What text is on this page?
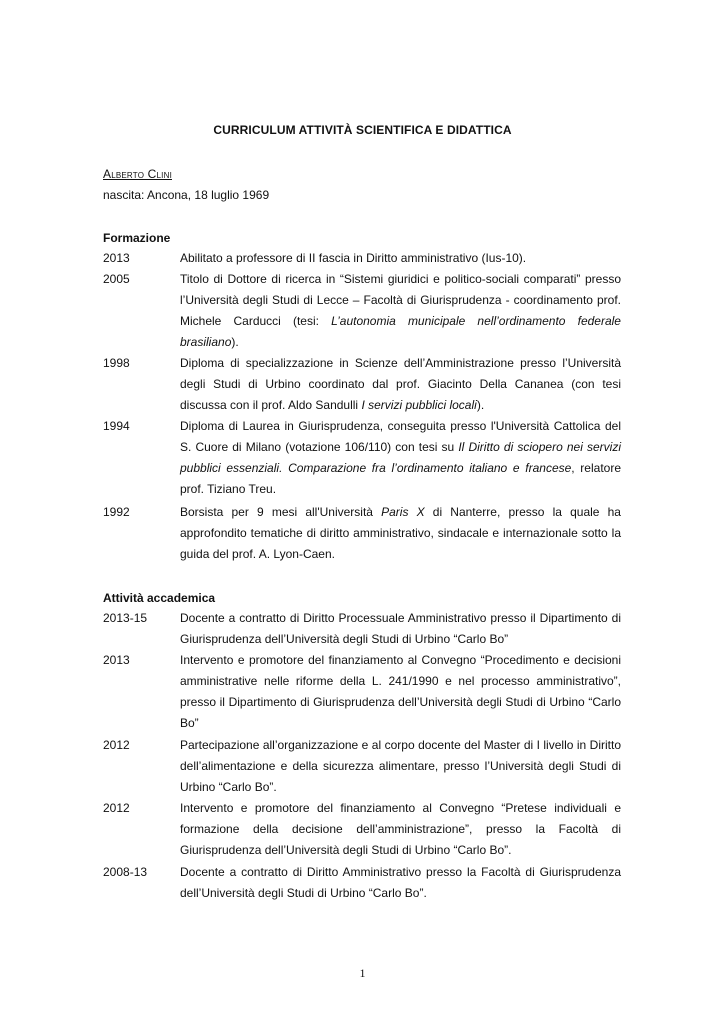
CURRICULUM ATTIVITÀ SCIENTIFICA E DIDATTICA
Alberto Clini
nascita: Ancona, 18 luglio 1969
Formazione
2013	Abilitato a professore di II fascia in Diritto amministrativo (Ius-10).
2005	Titolo di Dottore di ricerca in “Sistemi giuridici e politico-sociali comparati” presso l’Università degli Studi di Lecce – Facoltà di Giurisprudenza - coordinamento prof. Michele Carducci (tesi: L’autonomia municipale nell’ordinamento federale brasiliano).
1998	Diploma di specializzazione in Scienze dell’Amministrazione presso l’Università degli Studi di Urbino coordinato dal prof. Giacinto Della Cananea (con tesi discussa con il prof. Aldo Sandulli I servizi pubblici locali).
1994	Diploma di Laurea in Giurisprudenza, conseguita presso l'Università Cattolica del S. Cuore di Milano (votazione 106/110) con tesi su Il Diritto di sciopero nei servizi pubblici essenziali. Comparazione fra l’ordinamento italiano e francese, relatore prof. Tiziano Treu.
1992	Borsista per 9 mesi all'Università Paris X di Nanterre, presso la quale ha approfondito tematiche di diritto amministrativo, sindacale e internazionale sotto la guida del prof. A. Lyon-Caen.
Attività accademica
2013-15	Docente a contratto di Diritto Processuale Amministrativo presso il Dipartimento di Giurisprudenza dell’Università degli Studi di Urbino “Carlo Bo”
2013	Intervento e promotore del finanziamento al Convegno “Procedimento e decisioni amministrative nelle riforme della L. 241/1990 e nel processo amministrativo”, presso il Dipartimento di Giurisprudenza dell’Università degli Studi di Urbino “Carlo Bo”
2012	Partecipazione all’organizzazione e al corpo docente del Master di I livello in Diritto dell’alimentazione e della sicurezza alimentare, presso l’Università degli Studi di Urbino “Carlo Bo”.
2012	Intervento e promotore del finanziamento al Convegno “Pretese individuali e formazione della decisione dell’amministrazione”, presso la Facoltà di Giurisprudenza dell’Università degli Studi di Urbino “Carlo Bo”.
2008-13	Docente a contratto di Diritto Amministrativo presso la Facoltà di Giurisprudenza dell’Università degli Studi di Urbino “Carlo Bo”.
1
